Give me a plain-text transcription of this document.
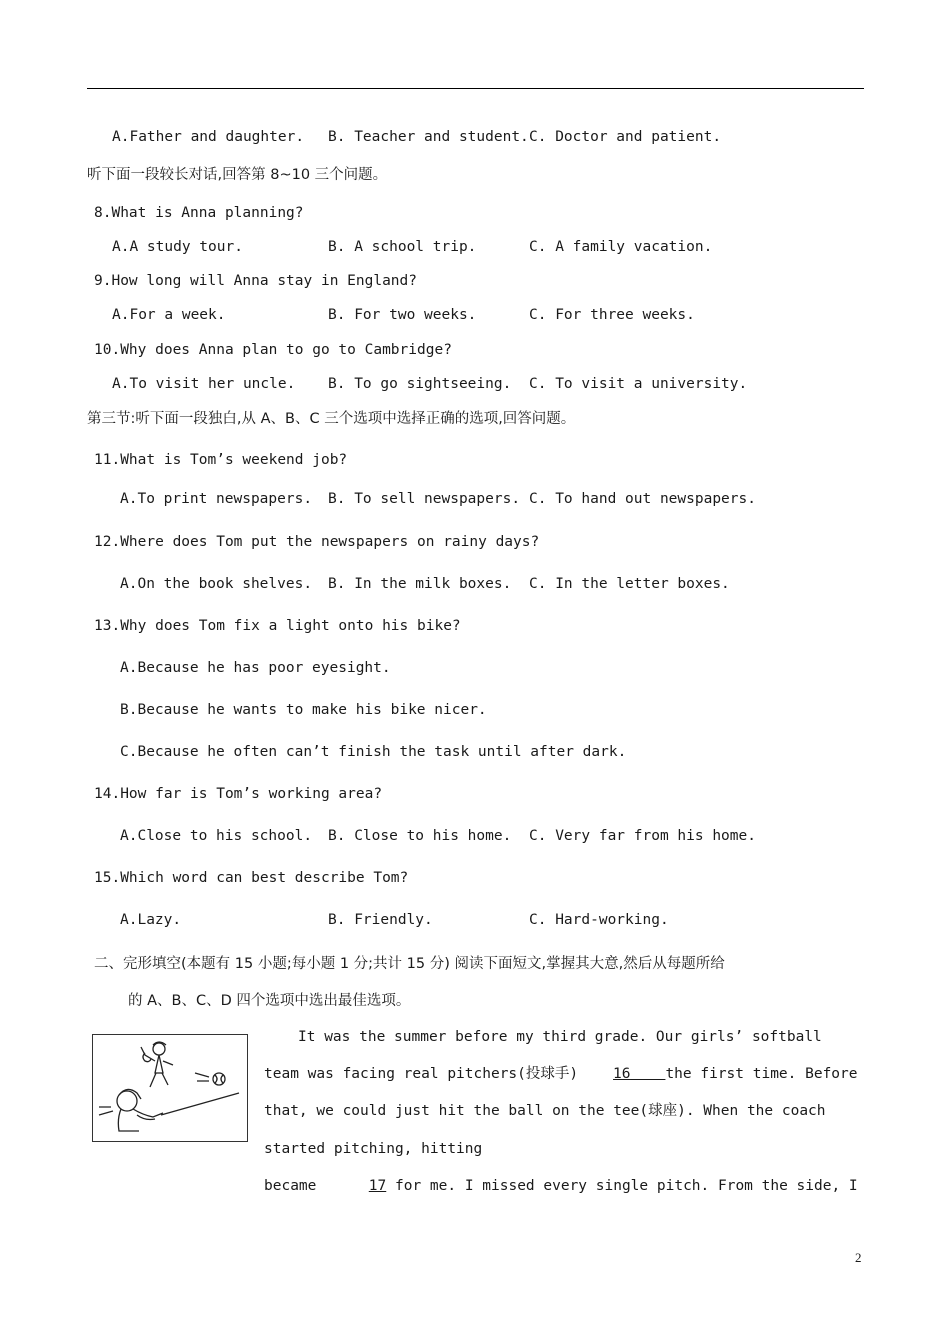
A.Father and daughter. B. Teacher and student. C. Doctor and patient.
听下面一段较长对话,回答第 8~10 三个问题。
8.What is Anna planning?
A.A study tour.	B. A school trip.	C. A family vacation.
9.How long will Anna stay in England?
A.For a week.	B. For two weeks.	C. For three weeks.
10.Why does Anna plan to go to Cambridge?
A.To visit her uncle. B. To go sightseeing. C. To visit a university.
第三节:听下面一段独白,从 A、B、C 三个选项中选择正确的选项,回答问题。
11.What is Tom’s weekend job?
A.To print newspapers. B. To sell newspapers. C. To hand out newspapers.
12.Where does Tom put the newspapers on rainy days?
A.On the book shelves. B. In the milk boxes. C. In the letter boxes.
13.Why does Tom fix a light onto his bike?
A.Because he has poor eyesight.
B.Because he wants to make his bike nicer.
C.Because he often can’t finish the task until after dark.
14.How far is Tom’s working area?
A.Close to his school. B. Close to his home. C. Very far from his home.
15.Which word can best describe Tom?
A.Lazy.	B. Friendly.	C. Hard-working.
二、完形填空(本题有 15 小题;每小题 1 分;共计 15 分) 阅读下面短文,掌握其大意,然后从每题所给
的 A、B、C、D 四个选项中选出最佳选项。
It was the summer before my third grade. Our girls’ softball
team was facing real pitchers(投球手) 16 the first time. Before
that, we could just hit the ball on the tee(球座). When the coach
started pitching, hitting
became	17 for me. I missed every single pitch. From the side, I
2
